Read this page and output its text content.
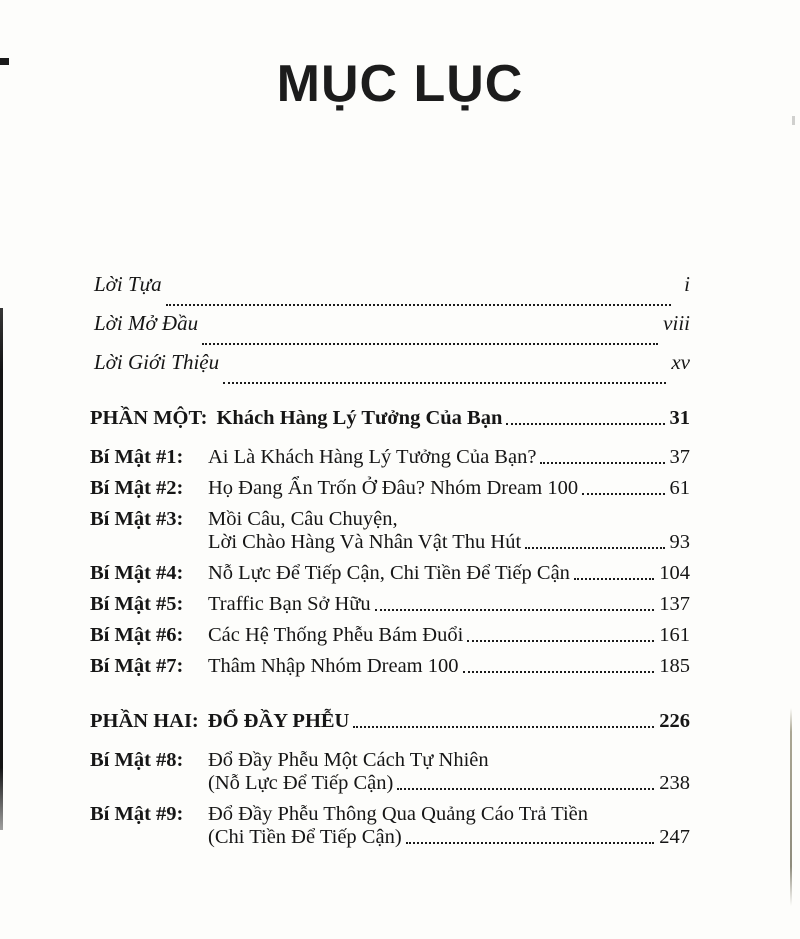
MỤC LỤC
Lời Tựa	i
Lời Mở Đầu	viii
Lời Giới Thiệu	xv
PHẦN MỘT: Khách Hàng Lý Tưởng Của Bạn	31
Bí Mật #1:	Ai Là Khách Hàng Lý Tưởng Của Bạn?	37
Bí Mật #2:	Họ Đang Ẩn Trốn Ở Đâu? Nhóm Dream 100	61
Bí Mật #3:	Mồi Câu, Câu Chuyện,
Lời Chào Hàng Và Nhân Vật Thu Hút	93
Bí Mật #4:	Nỗ Lực Để Tiếp Cận, Chi Tiền Để Tiếp Cận	104
Bí Mật #5:	Traffic Bạn Sở Hữu	137
Bí Mật #6:	Các Hệ Thống Phễu Bám Đuổi	161
Bí Mật #7:	Thâm Nhập Nhóm Dream 100	185
PHẦN HAI: ĐỔ ĐẦY PHỄU	226
Bí Mật #8:	Đổ Đầy Phễu Một Cách Tự Nhiên
(Nỗ Lực Để Tiếp Cận)	238
Bí Mật #9:	Đổ Đầy Phễu Thông Qua Quảng Cáo Trả Tiền
(Chi Tiền Để Tiếp Cận)	247
